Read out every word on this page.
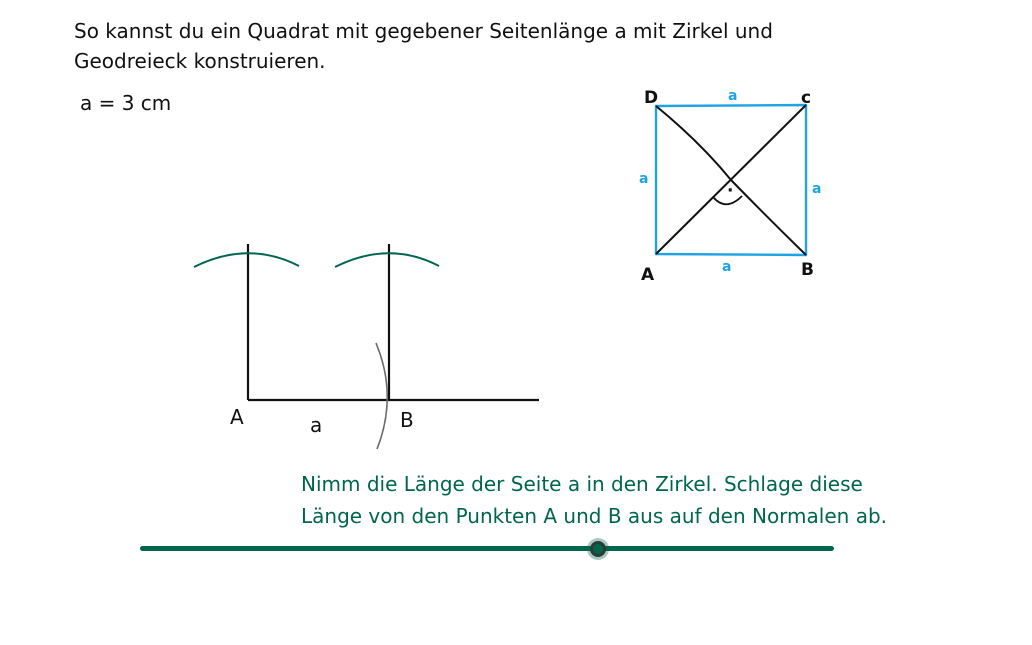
So kannst du ein Quadrat mit gegebener Seitenlänge a mit Zirkel und
Geodreieck konstruieren.
a = 3 cm
A	B
a
·
D	c
A	B
a
a
a
a
Nimm die Länge der Seite a in den Zirkel. Schlage diese
Länge von den Punkten A und B aus auf den Normalen ab.
